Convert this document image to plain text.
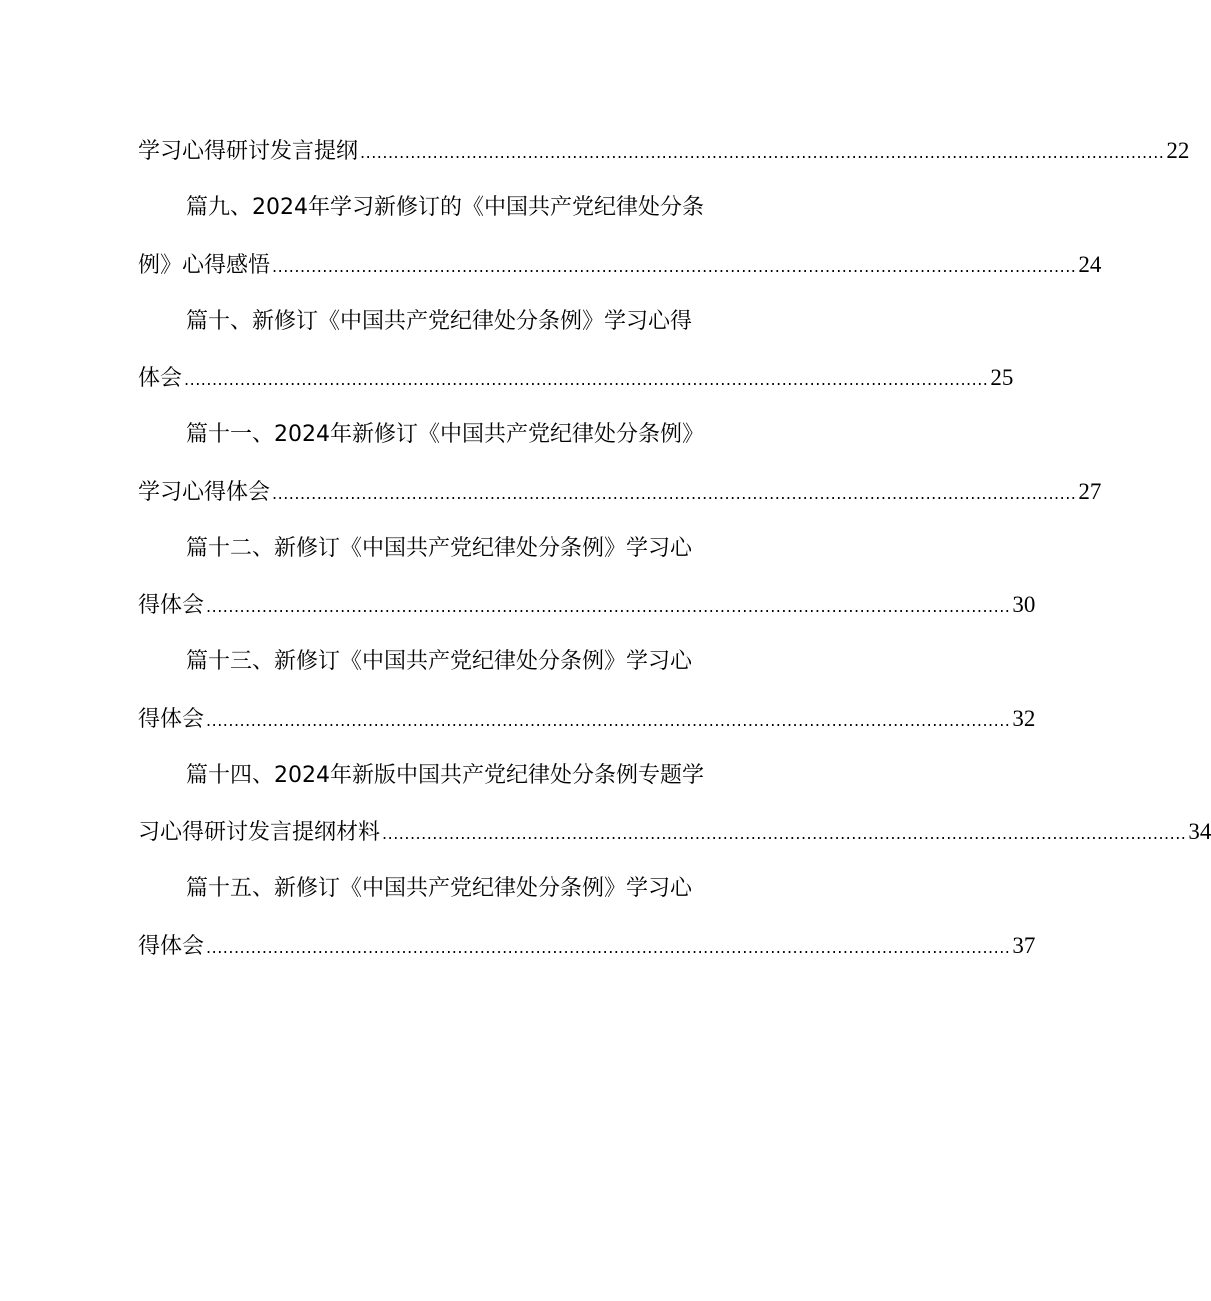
学习心得研讨发言提纲 ................................................................................................................................................ 22
篇九、2024年学习新修订的《中国共产党纪律处分条
例》心得感悟 ................................................................................................................................................ 24
篇十、新修订《中国共产党纪律处分条例》学习心得
体会 ................................................................................................................................................ 25
篇十一、2024年新修订《中国共产党纪律处分条例》
学习心得体会 ................................................................................................................................................ 27
篇十二、新修订《中国共产党纪律处分条例》学习心
得体会 ................................................................................................................................................ 30
篇十三、新修订《中国共产党纪律处分条例》学习心
得体会 ................................................................................................................................................ 32
篇十四、2024年新版中国共产党纪律处分条例专题学
习心得研讨发言提纲材料 ................................................................................................................................................ 34
篇十五、新修订《中国共产党纪律处分条例》学习心
得体会 ................................................................................................................................................ 37
